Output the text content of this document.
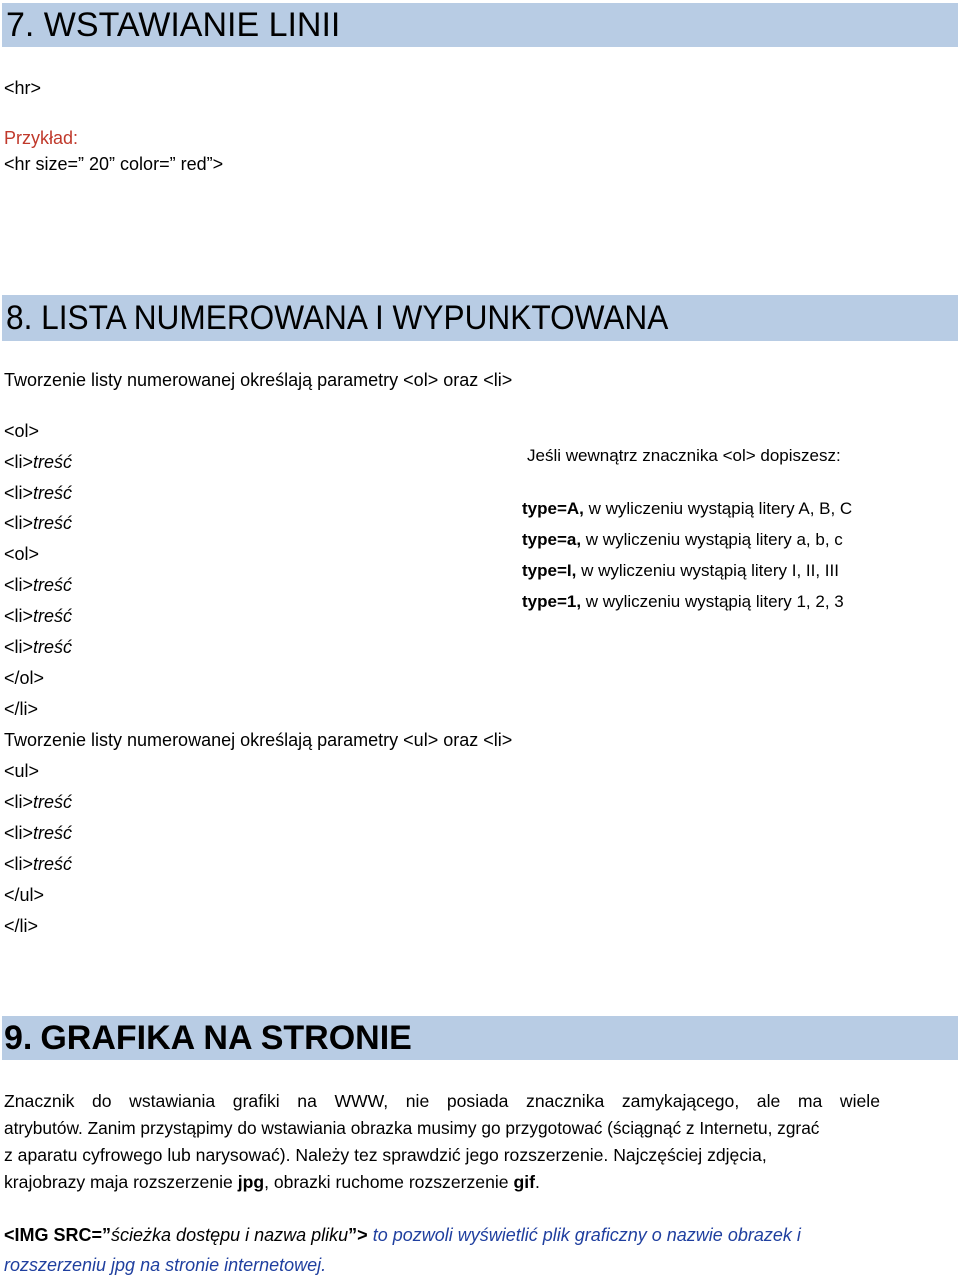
7. WSTAWIANIE LINII
<hr>
Przykład:
<hr size=” 20” color=” red”>
8. LISTA NUMEROWANA I WYPUNKTOWANA
Tworzenie listy numerowanej określają parametry <ol> oraz <li>
<ol>
<li>treść
<li>treść
<li>treść
<ol>
<li>treść
<li>treść
<li>treść
</ol>
</li>
Jeśli wewnątrz znacznika <ol> dopiszesz:
type=A, w wyliczeniu wystąpią litery A, B, C
type=a, w wyliczeniu wystąpią litery a, b, c
type=I, w wyliczeniu wystąpią litery I, II, III
type=1, w wyliczeniu wystąpią litery 1, 2, 3
Tworzenie listy numerowanej określają parametry <ul> oraz <li>
<ul>
<li>treść
<li>treść
<li>treść
</ul>
</li>
9. GRAFIKA NA STRONIE
Znacznik do wstawiania grafiki na WWW, nie posiada znacznika zamykającego, ale ma wiele
atrybutów. Zanim przystąpimy do wstawiania obrazka musimy go przygotować (ściągnąć z Internetu, zgrać
z aparatu cyfrowego lub narysować). Należy tez sprawdzić jego rozszerzenie. Najczęściej zdjęcia,
krajobrazy maja rozszerzenie jpg, obrazki ruchome rozszerzenie gif.
<IMG SRC=”ścieżka dostępu i nazwa pliku”> to pozwoli wyświetlić plik graficzny o nazwie obrazek i
rozszerzeniu jpg na stronie internetowej.
